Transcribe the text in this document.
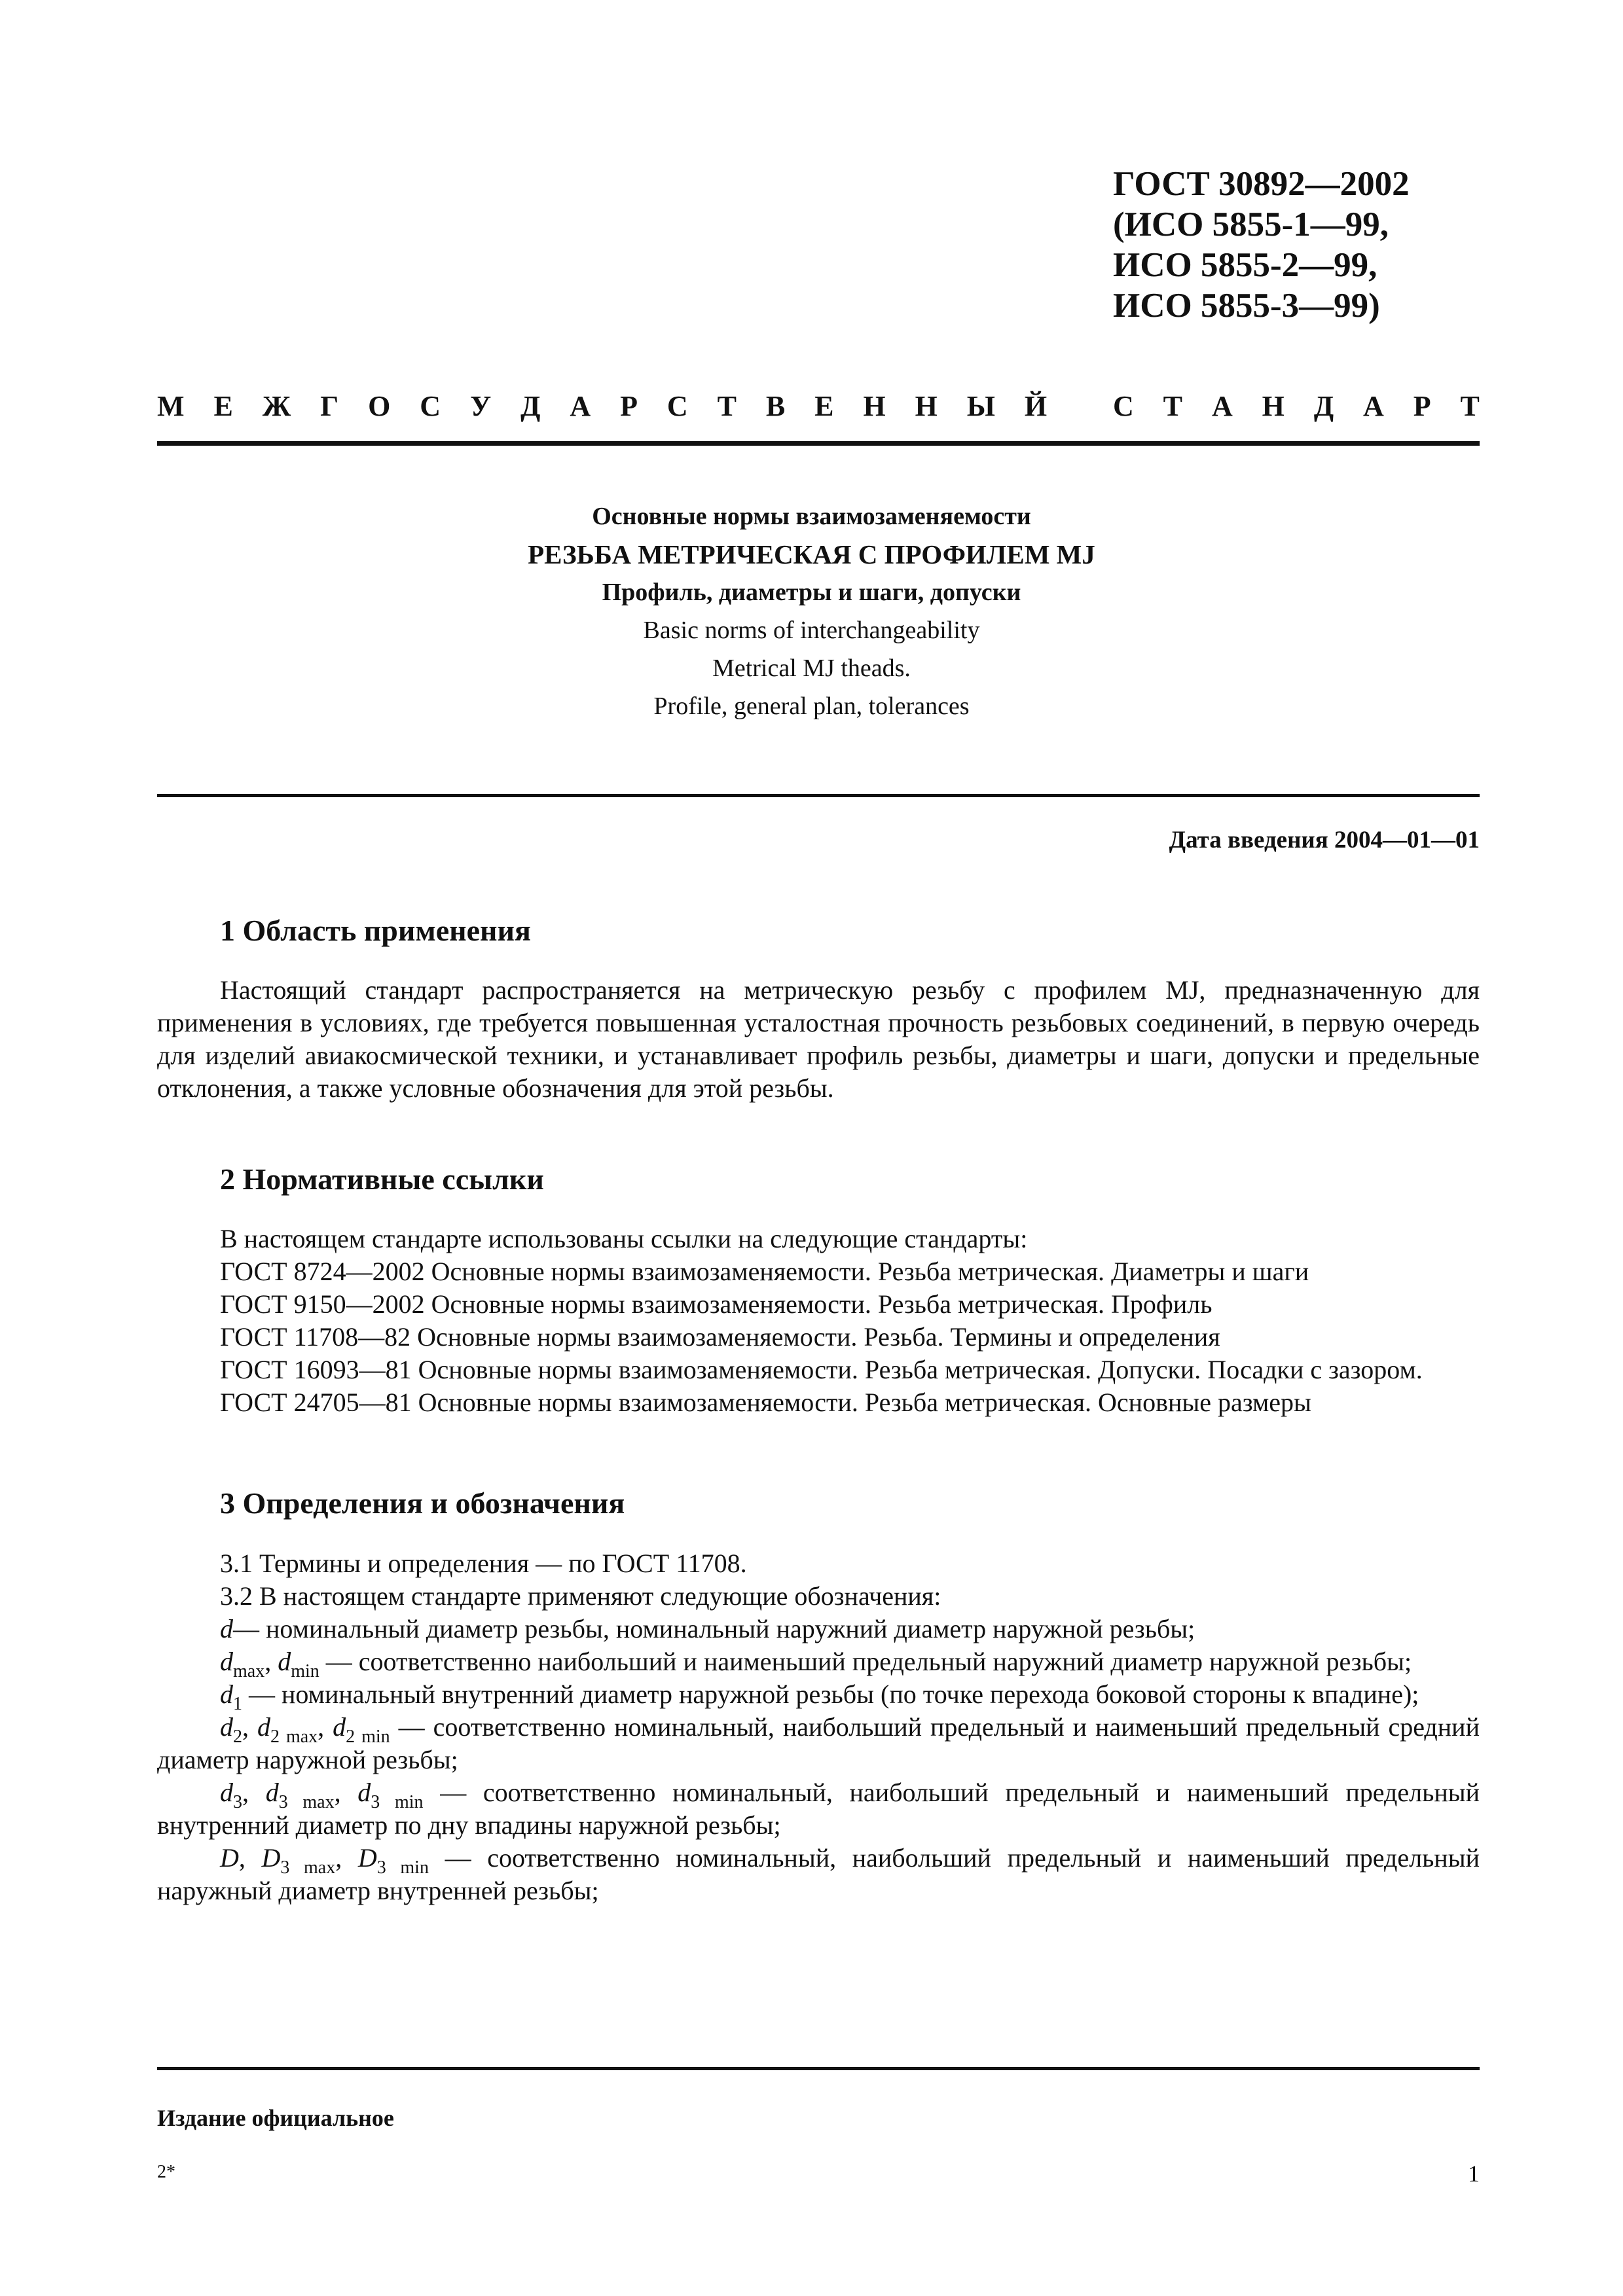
ГОСТ 30892—2002
(ИСО 5855-1—99,
ИСО 5855-2—99,
ИСО 5855-3—99)
М Е Ж Г О С У Д А Р С Т В Е Н Н Ы Й
С Т А Н Д А Р Т
Основные нормы взаимозаменяемости
РЕЗЬБА МЕТРИЧЕСКАЯ С ПРОФИЛЕМ MJ
Профиль, диаметры и шаги, допуски
Basic norms of interchangeability
Metrical MJ theads.
Profile, general plan, tolerances
Дата введения 2004—01—01
1 Область применения

Настоящий стандарт распространяется на метрическую резьбу с профилем MJ, предназначенную для применения в условиях, где требуется повышенная усталостная прочность резьбовых соединений, в первую очередь для изделий авиакосмической техники, и устанавливает профиль резьбы, диаметры и шаги, допуски и предельные отклонения, а также условные обозначения для этой резьбы.

2 Нормативные ссылки

В настоящем стандарте использованы ссылки на следующие стандарты:

ГОСТ 8724—2002 Основные нормы взаимозаменяемости. Резьба метрическая. Диаметры и шаги

ГОСТ 9150—2002 Основные нормы взаимозаменяемости. Резьба метрическая. Профиль

ГОСТ 11708—82 Основные нормы взаимозаменяемости. Резьба. Термины и определения

ГОСТ 16093—81 Основные нормы взаимозаменяемости. Резьба метрическая. Допуски. Посадки с зазором.

ГОСТ 24705—81 Основные нормы взаимозаменяемости. Резьба метрическая. Основные размеры

3 Определения и обозначения

3.1 Термины и определения — по ГОСТ 11708.

3.2 В настоящем стандарте применяют следующие обозначения:

d— номинальный диаметр резьбы, номинальный наружний диаметр наружной резьбы;

$d_{max}$, $d_{min}$ — соответственно наибольший и наименьший предельный наружний диаметр наружной резьбы;

$d_1$ — номинальный внутренний диаметр наружной резьбы (по точке перехода боковой стороны к впадине);

$d_2$, $d_{2 max}$, $d_{2 min}$ — соответственно номинальный, наибольший предельный и наименьший предельный средний диаметр наружной резьбы;

$d_3$, $d_{3 max}$, $d_{3 min}$ — соответственно номинальный, наибольший предельный и наименьший предельный внутренний диаметр по дну впадины наружной резьбы;

D, $D_{3 max}$, $D_{3 min}$ — соответственно номинальный, наибольший предельный и наименьший предельный наружный диаметр внутренней резьбы;

Издание официальное
2*	1
